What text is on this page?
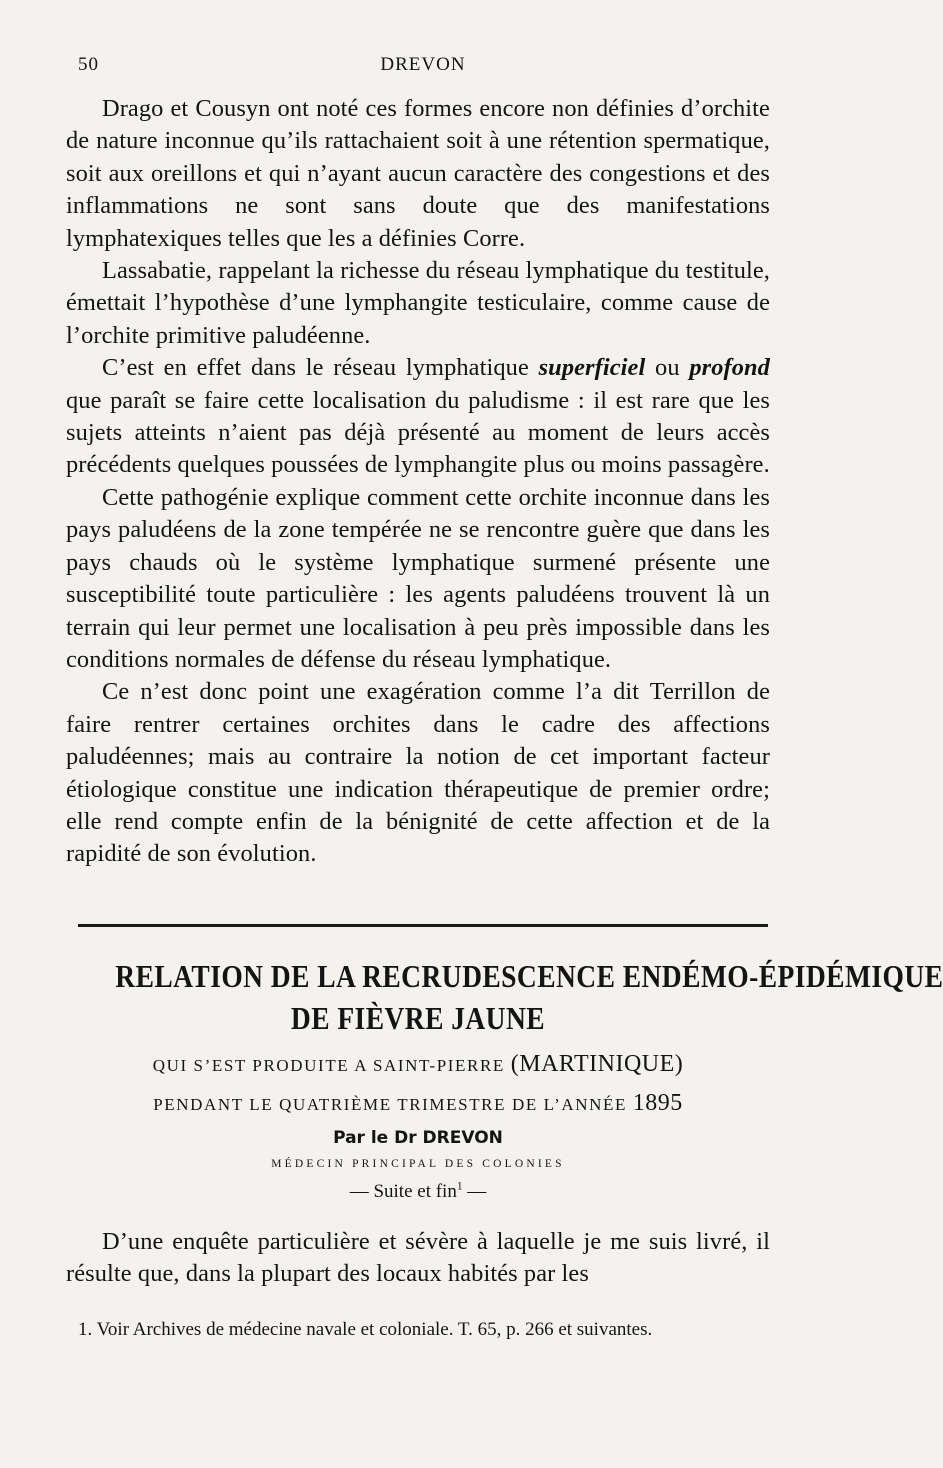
50	DREVON

Drago et Cousyn ont noté ces formes encore non définies d’orchite de nature inconnue qu’ils rattachaient soit à une rétention spermatique, soit aux oreillons et qui n’ayant aucun caractère des congestions et des inflammations ne sont sans doute que des manifestations lymphatexiques telles que les a définies Corre.

Lassabatie, rappelant la richesse du réseau lymphatique du testitule, émettait l’hypothèse d’une lymphangite testiculaire, comme cause de l’orchite primitive paludéenne.

C’est en effet dans le réseau lymphatique superficiel ou profond que paraît se faire cette localisation du paludisme : il est rare que les sujets atteints n’aient pas déjà présenté au moment de leurs accès précédents quelques poussées de lymphangite plus ou moins passagère.

Cette pathogénie explique comment cette orchite inconnue dans les pays paludéens de la zone tempérée ne se rencontre guère que dans les pays chauds où le système lymphatique surmené présente une susceptibilité toute particulière : les agents paludéens trouvent là un terrain qui leur permet une localisation à peu près impossible dans les conditions normales de défense du réseau lymphatique.

Ce n’est donc point une exagération comme l’a dit Terrillon de faire rentrer certaines orchites dans le cadre des affections paludéennes; mais au contraire la notion de cet important facteur étiologique constitue une indication thérapeutique de premier ordre; elle rend compte enfin de la bénignité de cette affection et de la rapidité de son évolution.

RELATION DE LA RECRUDESCENCE ENDÉMO-ÉPIDÉMIQUE
DE FIÈVRE JAUNE
QUI S’EST PRODUITE A SAINT-PIERRE (MARTINIQUE)
PENDANT LE QUATRIÈME TRIMESTRE DE L’ANNÉE 1895
Par le Dr DREVON
MÉDECIN PRINCIPAL DES COLONIES
— Suite et fin$^1$ —

D’une enquête particulière et sévère à laquelle je me suis livré, il résulte que, dans la plupart des locaux habités par les

1. Voir Archives de médecine navale et coloniale. T. 65, p. 266 et suivantes.
